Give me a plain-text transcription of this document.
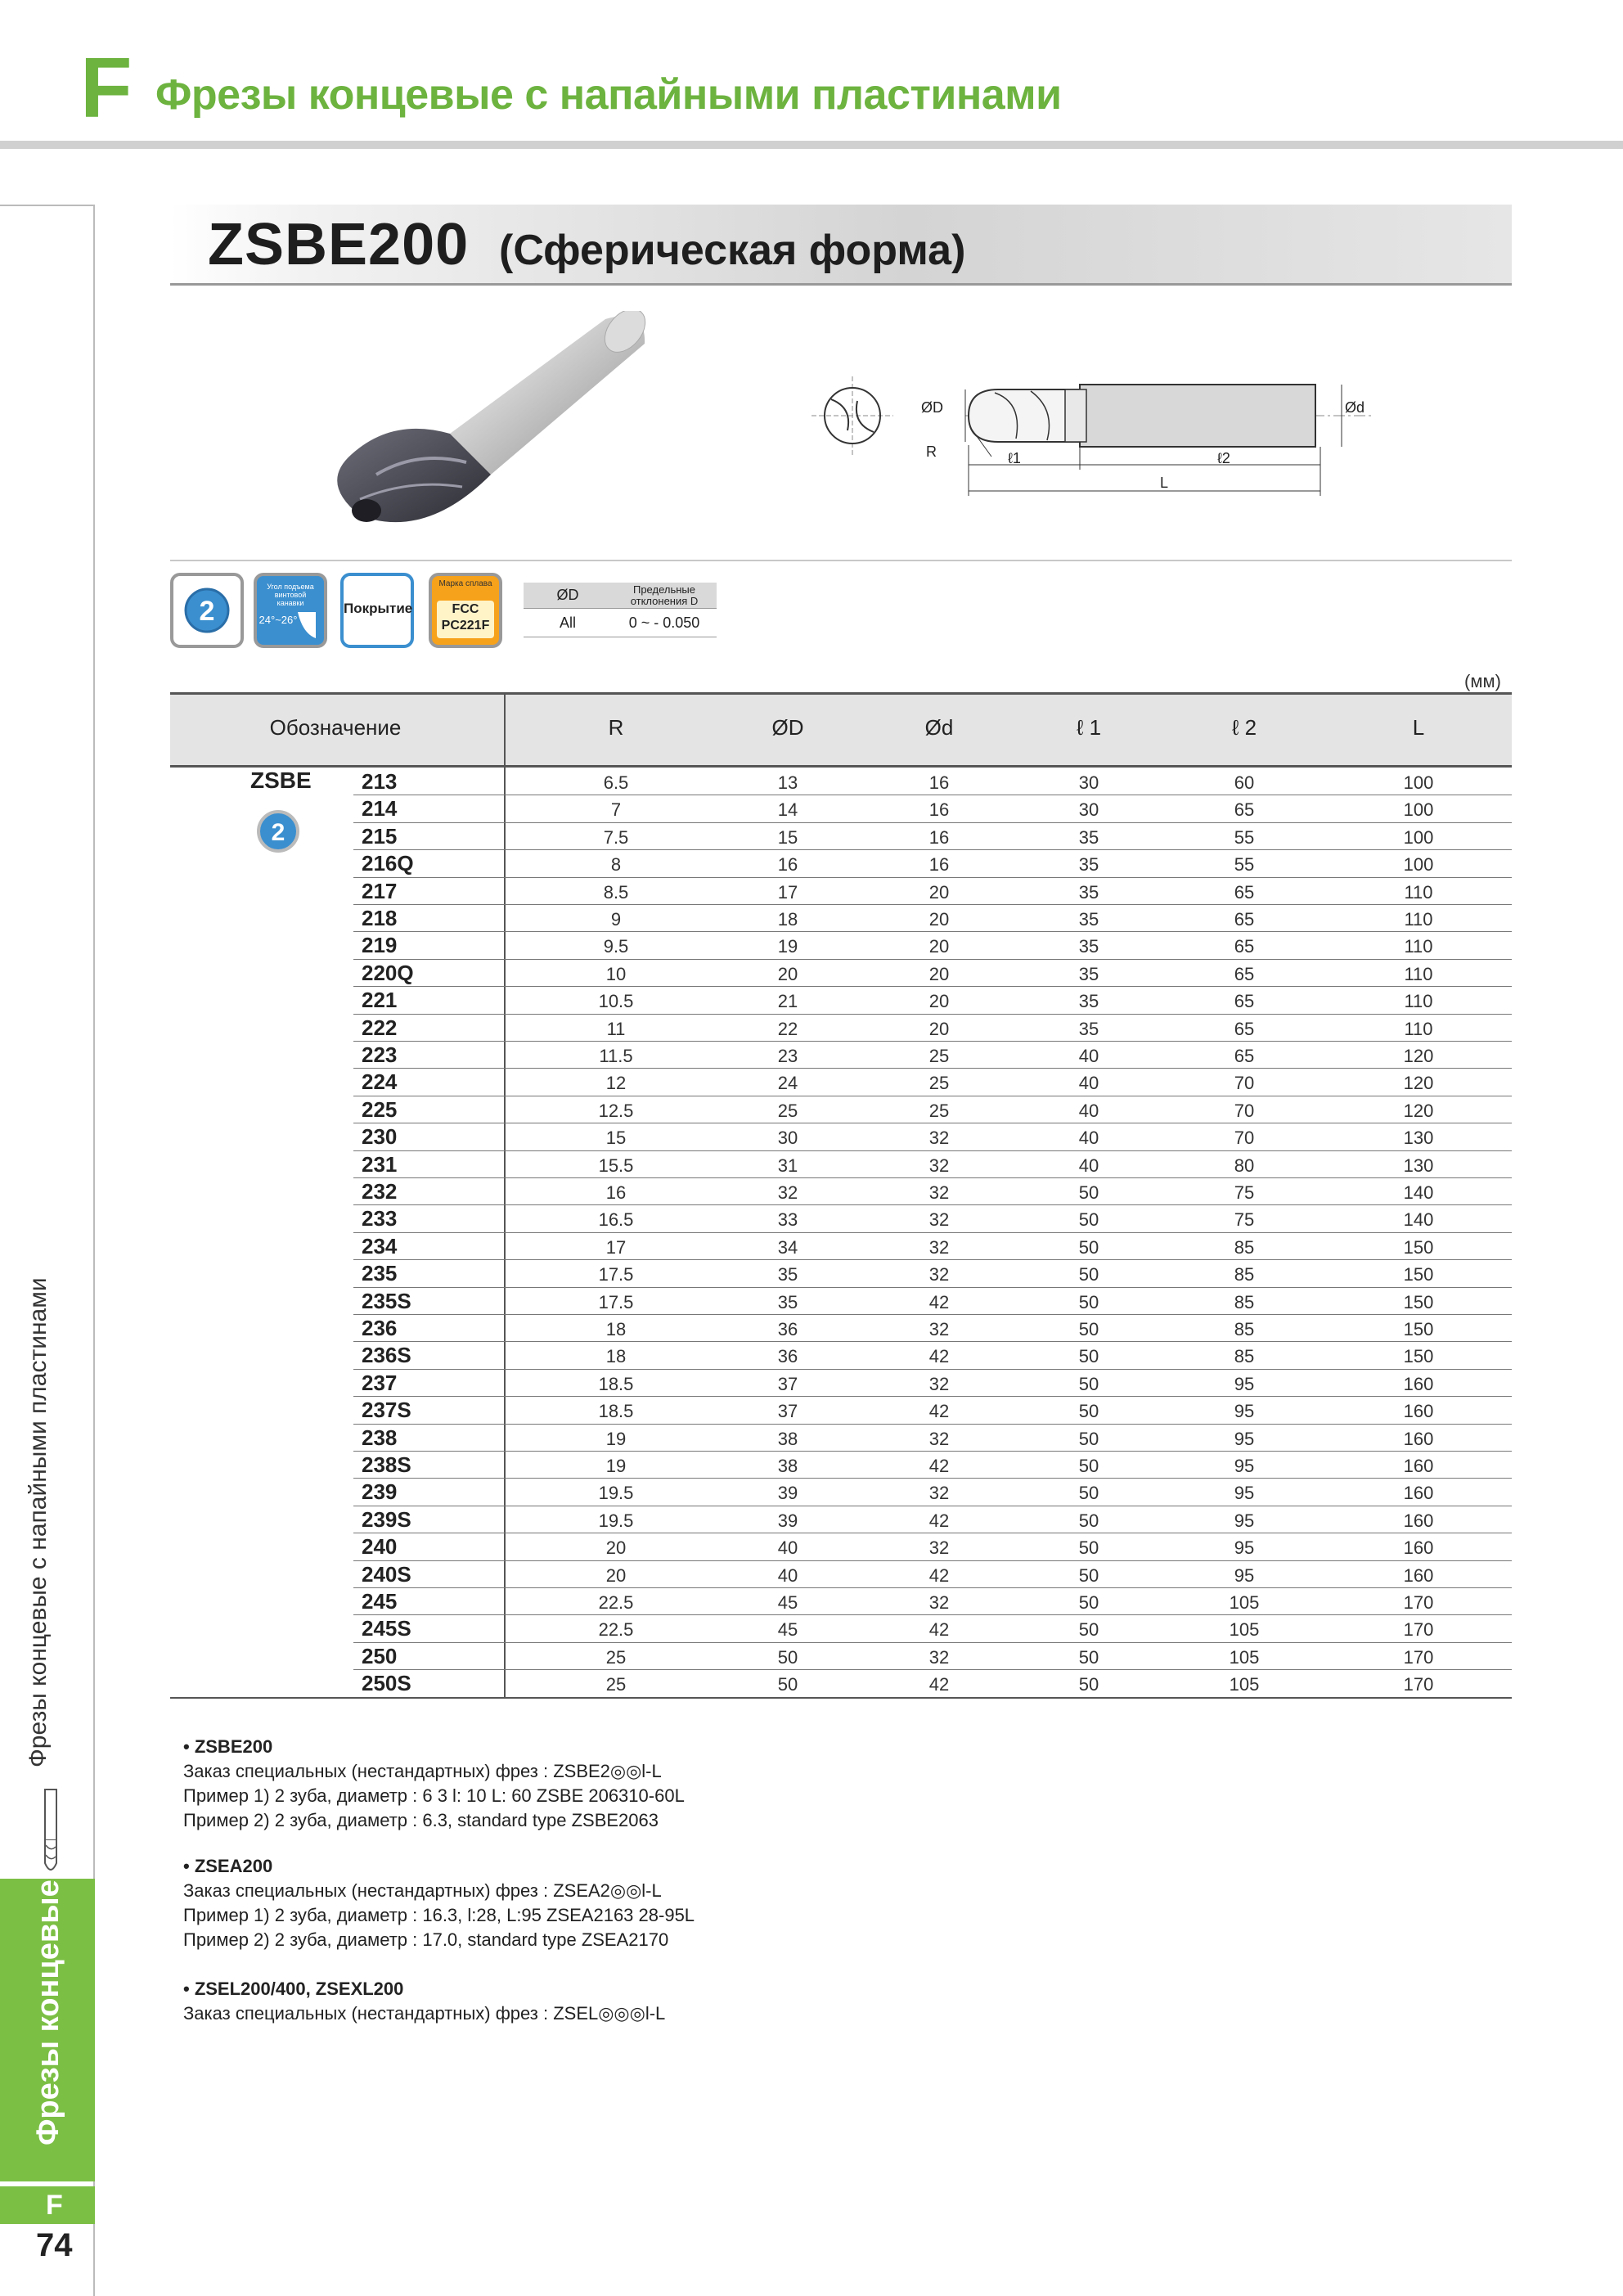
F Фрезы концевые с напайными пластинами
Фрезы концевые с напайными пластинами
Фрезы концевые
F
74
ZSBE200 (Сферическая форма)
ØD	Ød
R	ℓ1	ℓ2
L
2
Угол подъема
винтовой
канавки
24°~26°
Покрытие
Марка сплава
FCC
PC221F
ØD	Предельные
отклонения D

All	0 ~ - 0.050
(мм)
Обозначение	R	ØD	Ød	ℓ 1	ℓ 2	L
ZSBE
2
213	6.5	13	16	30	60	100
214	7	14	16	30	65	100
215	7.5	15	16	35	55	100
216Q	8	16	16	35	55	100
217	8.5	17	20	35	65	110
218	9	18	20	35	65	110
219	9.5	19	20	35	65	110
220Q	10	20	20	35	65	110
221	10.5	21	20	35	65	110
222	11	22	20	35	65	110
223	11.5	23	25	40	65	120
224	12	24	25	40	70	120
225	12.5	25	25	40	70	120
230	15	30	32	40	70	130
231	15.5	31	32	40	80	130
232	16	32	32	50	75	140
233	16.5	33	32	50	75	140
234	17	34	32	50	85	150
235	17.5	35	32	50	85	150
235S	17.5	35	42	50	85	150
236	18	36	32	50	85	150
236S	18	36	42	50	85	150
237	18.5	37	32	50	95	160
237S	18.5	37	42	50	95	160
238	19	38	32	50	95	160
238S	19	38	42	50	95	160
239	19.5	39	32	50	95	160
239S	19.5	39	42	50	95	160
240	20	40	32	50	95	160
240S	20	40	42	50	95	160
245	22.5	45	32	50	105	170
245S	22.5	45	42	50	105	170
250	25	50	32	50	105	170
250S	25	50	42	50	105	170
• ZSBE200
Заказ специальных (нестандартных) фрез : ZSBE2◎◎l-L
Пример 1) 2 зуба, диаметр : 6 3 l: 10 L: 60 ZSBE 206310-60L
Пример 2) 2 зуба, диаметр : 6.3, standard type ZSBE2063
• ZSEA200
Заказ специальных (нестандартных) фрез : ZSEA2◎◎l-L
Пример 1) 2 зуба, диаметр : 16.3, l:28, L:95 ZSEA2163 28-95L
Пример 2) 2 зуба, диаметр : 17.0, standard type ZSEA2170
• ZSEL200/400, ZSEXL200
Заказ специальных (нестандартных) фрез : ZSEL◎◎◎l-L
